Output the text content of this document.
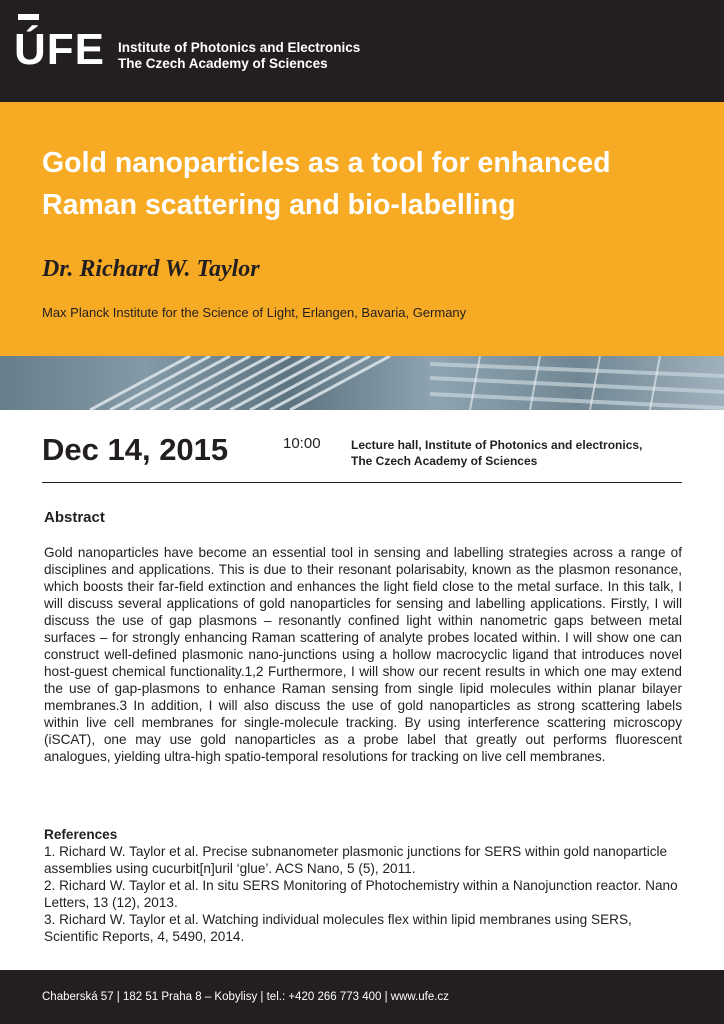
ÚFE Institute of Photonics and Electronics
The Czech Academy of Sciences
Gold nanoparticles as a tool for enhanced Raman scattering and bio-labelling
Dr. Richard W. Taylor
Max Planck Institute for the Science of Light, Erlangen, Bavaria, Germany
Dec 14, 2015	10:00	Lecture hall, Institute of Photonics and electronics,
The Czech Academy of Sciences
Abstract

Gold nanoparticles have become an essential tool in sensing and labelling strategies across a range of disciplines and applications. This is due to their resonant polarisabity, known as the plasmon resonance, which boosts their far-field extinction and enhances the light field close to the metal surface. In this talk, I will discuss several applications of gold nanoparticles for sensing and labelling applications. Firstly, I will discuss the use of gap plasmons – resonantly confined light within nanometric gaps between metal surfaces – for strongly enhancing Raman scattering of analyte probes located within. I will show one can construct well-defined plasmonic nano-junctions using a hollow macrocyclic ligand that introduces novel host-guest chemical functionality.1,2 Furthermore, I will show our recent results in which one may extend the use of gap-plasmons to enhance Raman sensing from single lipid molecules within planar bilayer membranes.3 In addition, I will also discuss the use of gold nanoparticles as strong scattering labels within live cell membranes for single-molecule tracking. By using interference scattering microscopy (iSCAT), one may use gold nanoparticles as a probe label that greatly out performs fluorescent analogues, yielding ultra-high spatio-temporal resolutions for tracking on live cell membranes.

References
1. Richard W. Taylor et al. Precise subnanometer plasmonic junctions for SERS within gold nanoparticle assemblies using cucurbit[n]uril ‘glue’. ACS Nano, 5 (5), 2011.
2. Richard W. Taylor et al. In situ SERS Monitoring of Photochemistry within a Nanojunction reactor. Nano Letters, 13 (12), 2013.
3. Richard W. Taylor et al. Watching individual molecules flex within lipid membranes using SERS, Scientific Reports, 4, 5490, 2014.
Chaberská 57 | 182 51 Praha 8 – Kobylisy | tel.: +420 266 773 400 | www.ufe.cz
